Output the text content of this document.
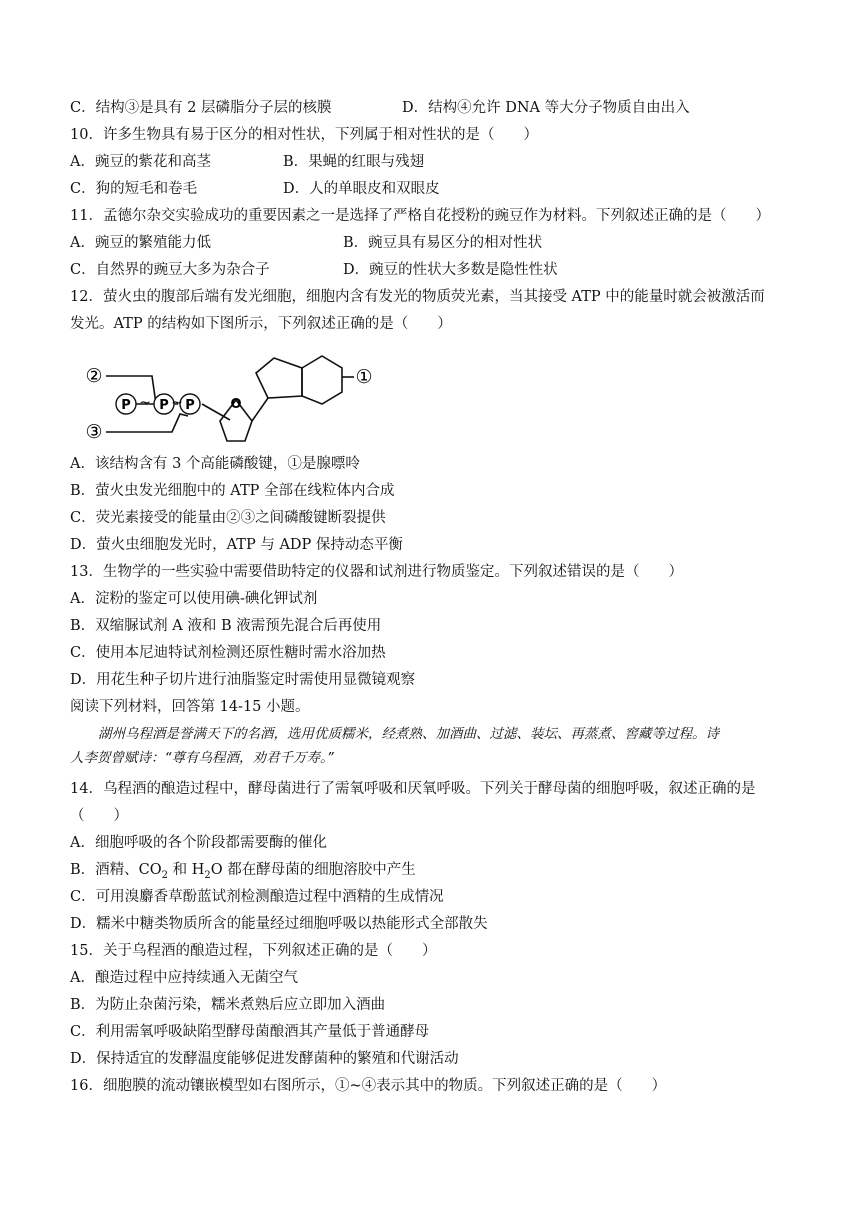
C．结构③是具有 2 层磷脂分子层的核膜	D．结构④允许 DNA 等大分子物质自由出入
10．许多生物具有易于区分的相对性状，下列属于相对性状的是（　　）
A．豌豆的紫花和高茎	B．果蝇的红眼与残翅
C．狗的短毛和卷毛	D．人的单眼皮和双眼皮
11．孟德尔杂交实验成功的重要因素之一是选择了严格自花授粉的豌豆作为材料。下列叙述正确的是（　　）
A．豌豆的繁殖能力低	B．豌豆具有易区分的相对性状
C．自然界的豌豆大多为杂合子	D．豌豆的性状大多数是隐性性状
12．萤火虫的腹部后端有发光细胞，细胞内含有发光的物质荧光素，当其接受 ATP 中的能量时就会被激活而
发光。ATP 的结构如下图所示，下列叙述正确的是（　　）
P P P
~ ~	O
②
③
①
A．该结构含有 3 个高能磷酸键，①是腺嘌呤
B．萤火虫发光细胞中的 ATP 全部在线粒体内合成
C．荧光素接受的能量由②③之间磷酸键断裂提供
D．萤火虫细胞发光时，ATP 与 ADP 保持动态平衡
13．生物学的一些实验中需要借助特定的仪器和试剂进行物质鉴定。下列叙述错误的是（　　）
A．淀粉的鉴定可以使用碘-碘化钾试剂
B．双缩脲试剂 A 液和 B 液需预先混合后再使用
C．使用本尼迪特试剂检测还原性糖时需水浴加热
D．用花生种子切片进行油脂鉴定时需使用显微镜观察
阅读下列材料，回答第 14-15 小题。
湖州乌程酒是誉满天下的名酒，选用优质糯米，经煮熟、加酒曲、过滤、装坛、再蒸煮、窖藏等过程。诗
人李贺曾赋诗：“尊有乌程酒，劝君千万寿。”
14．乌程酒的酿造过程中，酵母菌进行了需氧呼吸和厌氧呼吸。下列关于酵母菌的细胞呼吸，叙述正确的是
（　　）
A．细胞呼吸的各个阶段都需要酶的催化
B．酒精、$CO_2$ 和 $H_2O$ 都在酵母菌的细胞溶胶中产生
C．可用溴麝香草酚蓝试剂检测酿造过程中酒精的生成情况
D．糯米中糖类物质所含的能量经过细胞呼吸以热能形式全部散失
15．关于乌程酒的酿造过程，下列叙述正确的是（　　）
A．酿造过程中应持续通入无菌空气
B．为防止杂菌污染，糯米煮熟后应立即加入酒曲
C．利用需氧呼吸缺陷型酵母菌酿酒其产量低于普通酵母
D．保持适宜的发酵温度能够促进发酵菌种的繁殖和代谢活动
16．细胞膜的流动镶嵌模型如右图所示，①~④表示其中的物质。下列叙述正确的是（　　）
